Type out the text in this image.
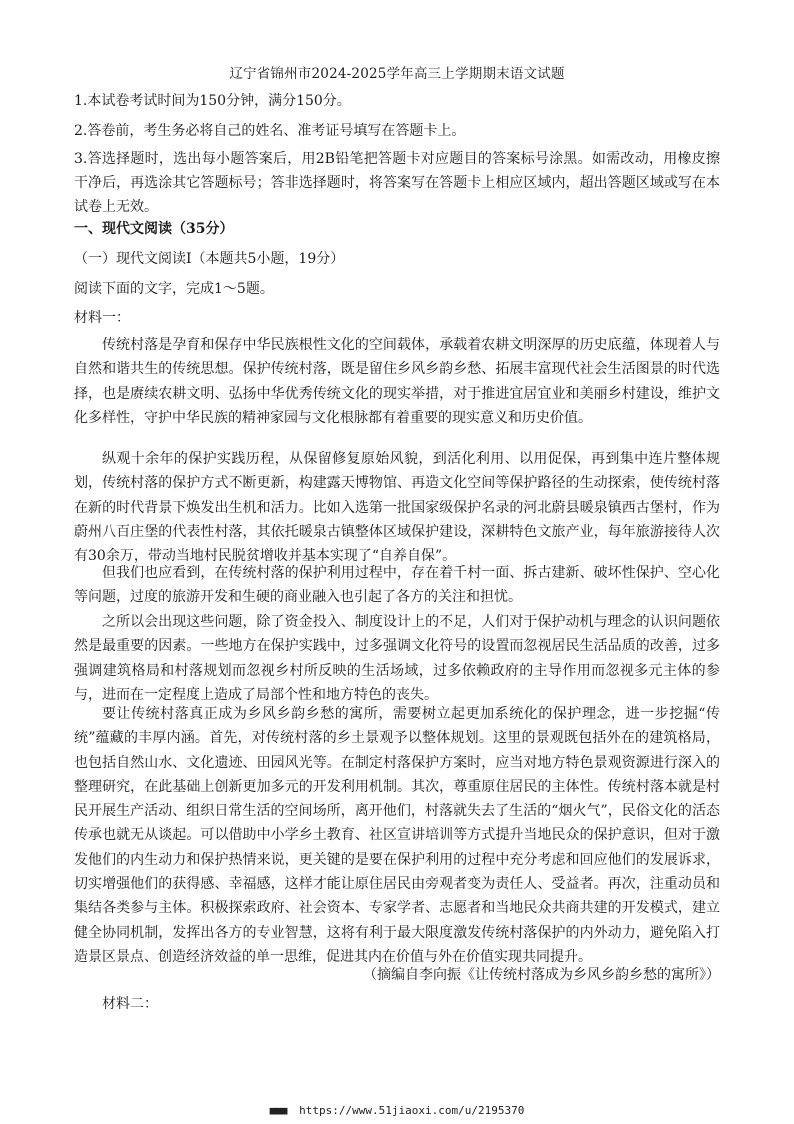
辽宁省锦州市2024-2025学年高三上学期期末语文试题
1.本试卷考试时间为150分钟，满分150分。
2.答卷前，考生务必将自己的姓名、准考证号填写在答题卡上。
3.答选择题时，选出每小题答案后，用2B铅笔把答题卡对应题目的答案标号涂黑。如需改动，用橡皮擦干净后，再选涂其它答题标号；答非选择题时，将答案写在答题卡上相应区域内，超出答题区域或写在本试卷上无效。
一、现代文阅读（35分）
（一）现代文阅读Ⅰ（本题共5小题，19分）
阅读下面的文字，完成1～5题。
材料一：
传统村落是孕育和保存中华民族根性文化的空间载体，承载着农耕文明深厚的历史底蕴，体现着人与自然和谐共生的传统思想。保护传统村落，既是留住乡风乡韵乡愁、拓展丰富现代社会生活图景的时代选择，也是赓续农耕文明、弘扬中华优秀传统文化的现实举措，对于推进宜居宜业和美丽乡村建设，维护文化多样性，守护中华民族的精神家园与文化根脉都有着重要的现实意义和历史价值。
纵观十余年的保护实践历程，从保留修复原始风貌，到活化利用、以用促保，再到集中连片整体规划，传统村落的保护方式不断更新，构建露天博物馆、再造文化空间等保护路径的生动探索，使传统村落在新的时代背景下焕发出生机和活力。比如入选第一批国家级保护名录的河北蔚县暖泉镇西古堡村，作为蔚州八百庄堡的代表性村落，其依托暖泉古镇整体区域保护建设，深耕特色文旅产业，每年旅游接待人次有30余万，带动当地村民脱贫增收并基本实现了“自养自保”。
但我们也应看到，在传统村落的保护利用过程中，存在着千村一面、拆古建新、破坏性保护、空心化等问题，过度的旅游开发和生硬的商业融入也引起了各方的关注和担忧。
之所以会出现这些问题，除了资金投入、制度设计上的不足，人们对于保护动机与理念的认识问题依然是最重要的因素。一些地方在保护实践中，过多强调文化符号的设置而忽视居民生活品质的改善，过多强调建筑格局和村落规划而忽视乡村所反映的生活场域，过多依赖政府的主导作用而忽视多元主体的参与，进而在一定程度上造成了局部个性和地方特色的丧失。
要让传统村落真正成为乡风乡韵乡愁的寓所，需要树立起更加系统化的保护理念，进一步挖掘“传统”蕴藏的丰厚内涵。首先，对传统村落的乡土景观予以整体规划。这里的景观既包括外在的建筑格局，也包括自然山水、文化遗迹、田园风光等。在制定村落保护方案时，应当对地方特色景观资源进行深入的整理研究，在此基础上创新更加多元的开发利用机制。其次，尊重原住居民的主体性。传统村落本就是村民开展生产活动、组织日常生活的空间场所，离开他们，村落就失去了生活的“烟火气”，民俗文化的活态传承也就无从谈起。可以借助中小学乡土教育、社区宣讲培训等方式提升当地民众的保护意识，但对于激发他们的内生动力和保护热情来说，更关键的是要在保护利用的过程中充分考虑和回应他们的发展诉求，切实增强他们的获得感、幸福感，这样才能让原住居民由旁观者变为责任人、受益者。再次，注重动员和集结各类参与主体。积极探索政府、社会资本、专家学者、志愿者和当地民众共商共建的开发模式，建立健全协同机制，发挥出各方的专业智慧，这将有利于最大限度激发传统村落保护的内外动力，避免陷入打造景区景点、创造经济效益的单一思维，促进其内在价值与外在价值实现共同提升。
（摘编自李向振《让传统村落成为乡风乡韵乡愁的寓所》）
材料二：
■■■ https://www.51jiaoxi.com/u/2195370
